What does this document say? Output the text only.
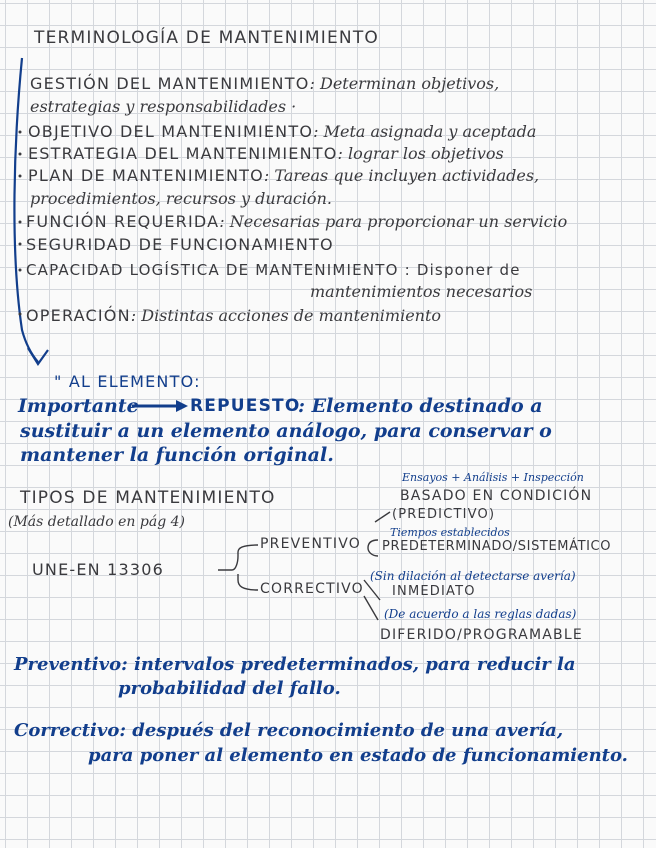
TERMINOLOGÍA DE MANTENIMIENTO
GESTIÓN DEL MANTENIMIENTO: Determinan objetivos,
estrategias y responsabilidades ·
OBJETIVO DEL MANTENIMIENTO: Meta asignada y aceptada
ESTRATEGIA DEL MANTENIMIENTO: lograr los objetivos
PLAN DE MANTENIMIENTO: Tareas que incluyen actividades,
procedimientos, recursos y duración.
FUNCIÓN REQUERIDA: Necesarias para proporcionar un servicio
SEGURIDAD DE FUNCIONAMIENTO
CAPACIDAD LOGÍSTICA DE MANTENIMIENTO : Disponer de
mantenimientos necesarios
OPERACIÓN: Distintas acciones de mantenimiento
" AL ELEMENTO:
Importante	REPUESTO
: Elemento destinado a
sustituir a un elemento análogo, para conservar o
mantener la función original.
TIPOS DE MANTENIMIENTO
(Más detallado en pág 4)
UNE-EN 13306
PREVENTIVO
CORRECTIVO
Ensayos + Análisis + Inspección
BASADO EN CONDICIÓN
(PREDICTIVO)
Tiempos establecidos
PREDETERMINADO/SISTEMÁTICO
(Sin dilación al detectarse avería)
INMEDIATO
(De acuerdo a las reglas dadas)
DIFERIDO/PROGRAMABLE
Preventivo: intervalos predeterminados, para reducir la
probabilidad del fallo.
Correctivo: después del reconocimiento de una avería,
para poner al elemento en estado de funcionamiento.
